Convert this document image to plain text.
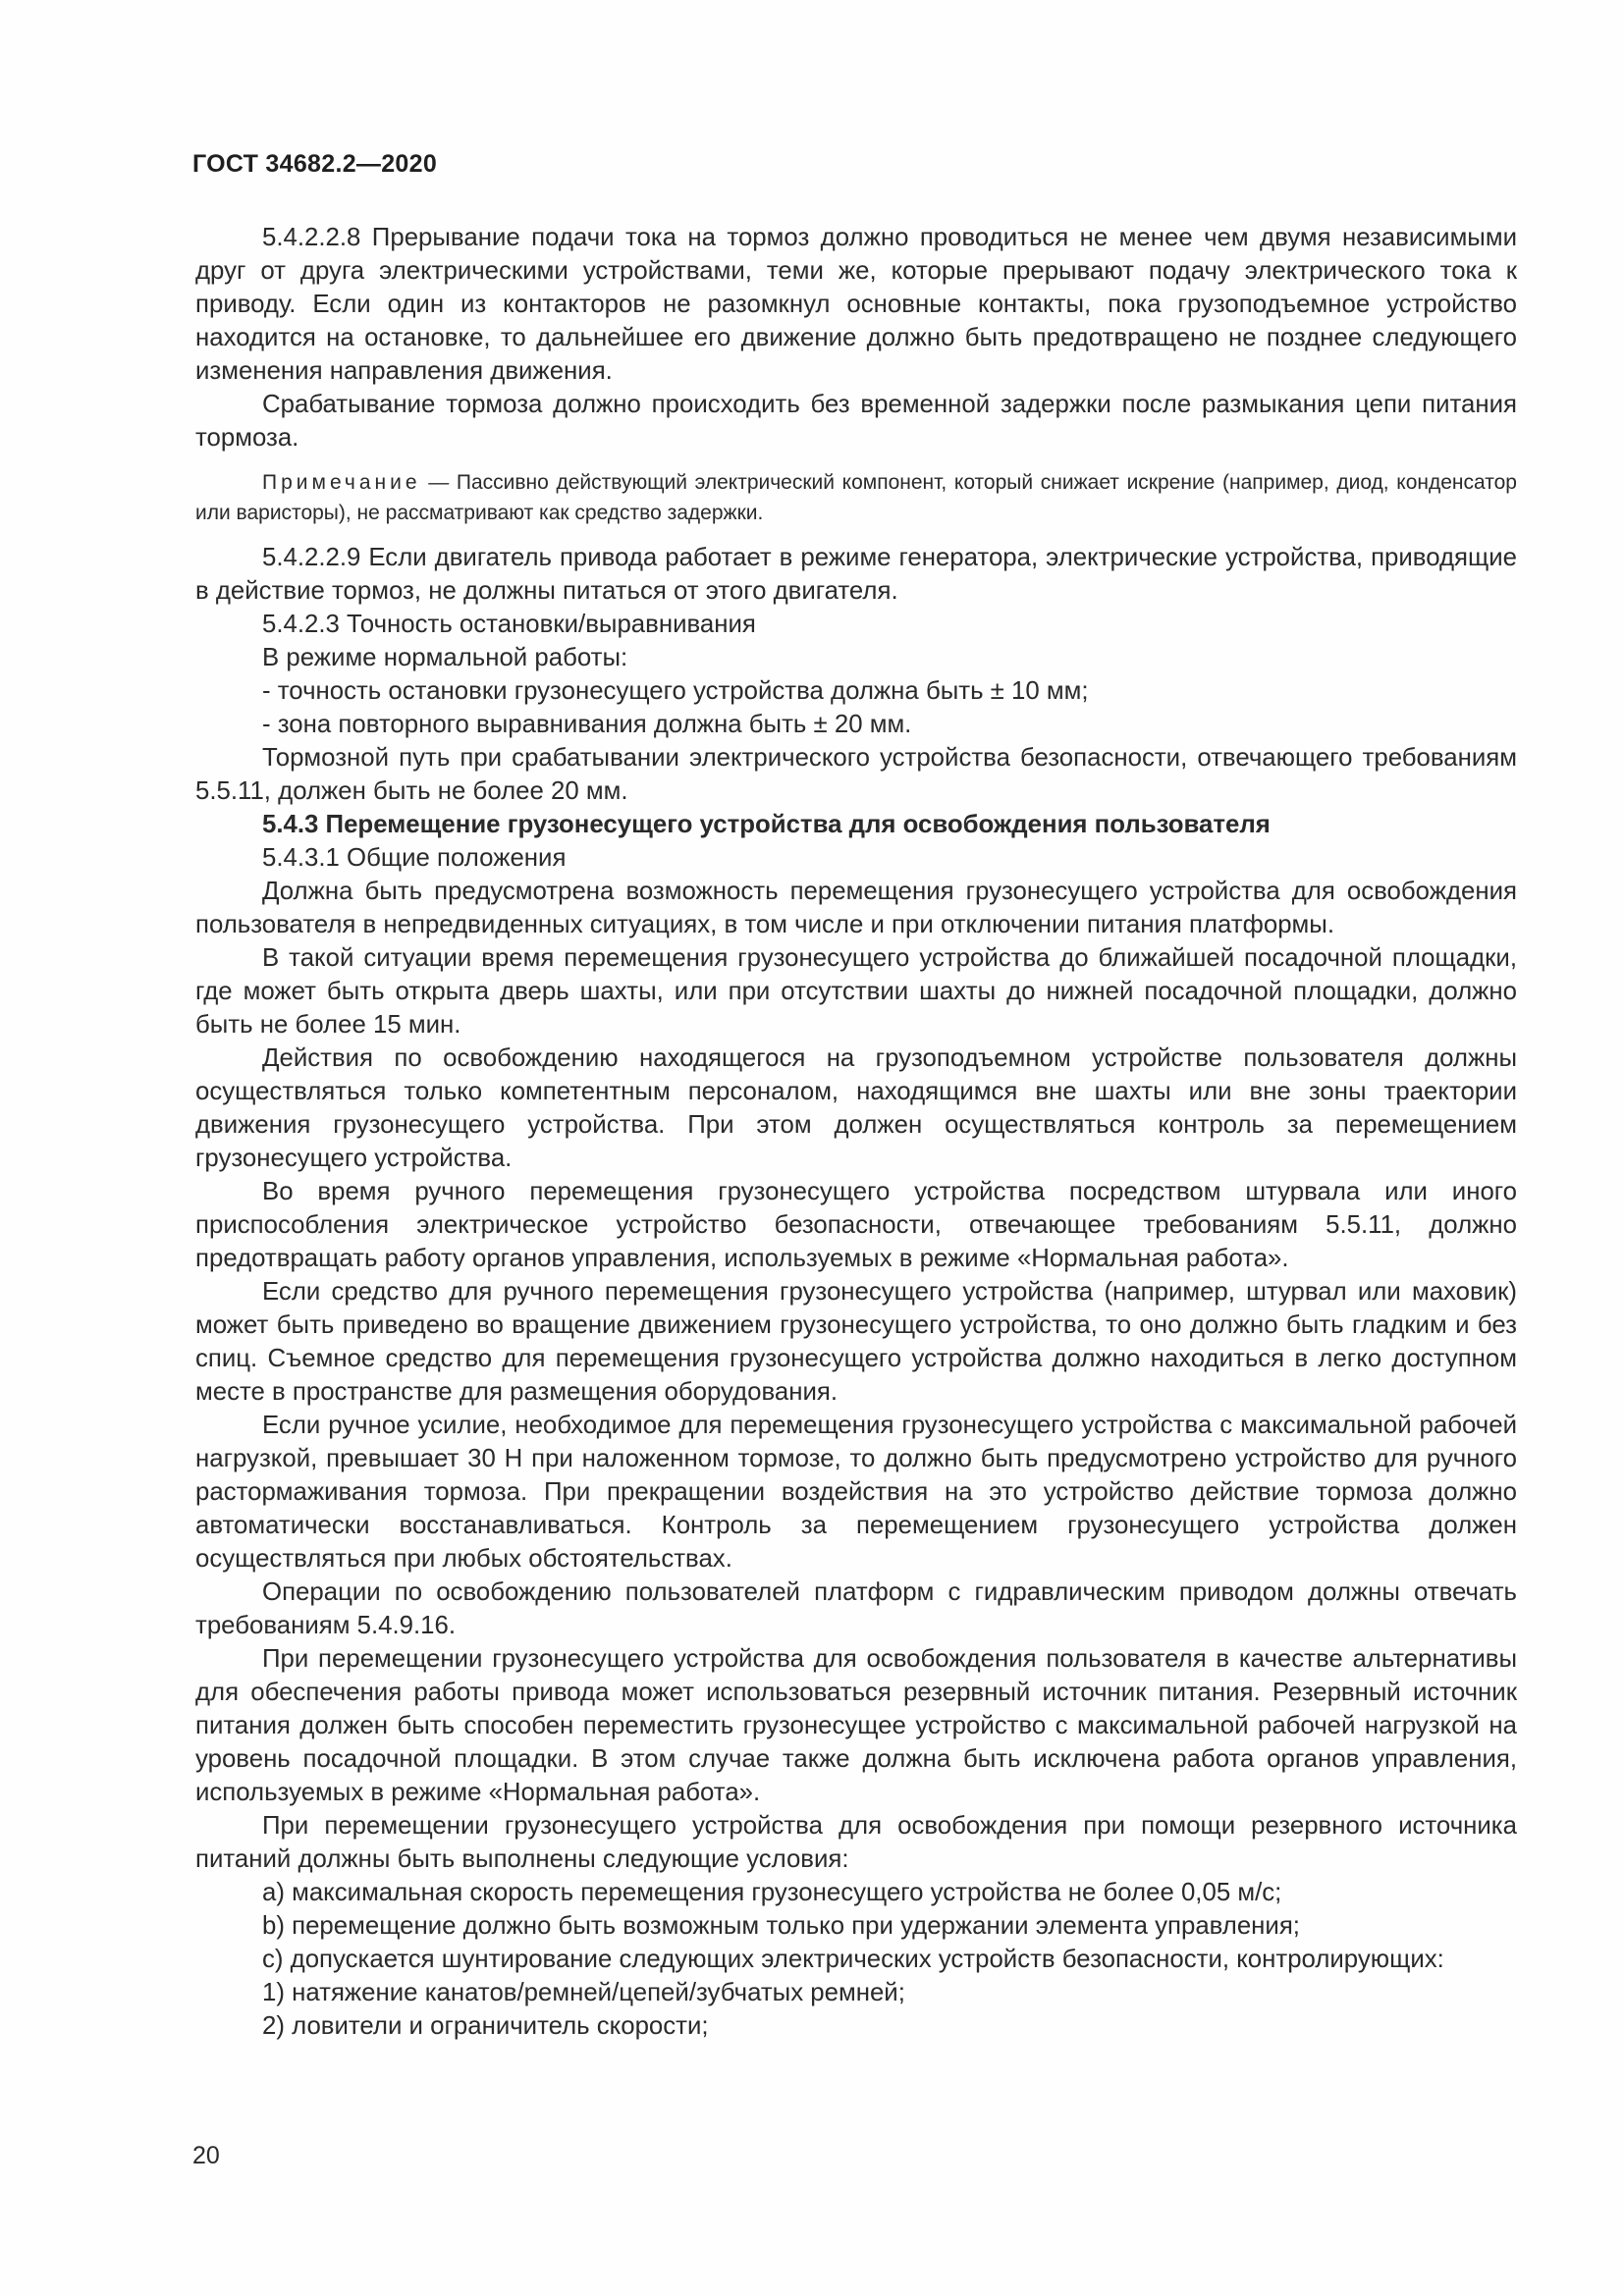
ГОСТ 34682.2—2020

5.4.2.2.8 Прерывание подачи тока на тормоз должно проводиться не менее чем двумя независимыми друг от друга электрическими устройствами, теми же, которые прерывают подачу электрического тока к приводу. Если один из контакторов не разомкнул основные контакты, пока грузоподъемное устройство находится на остановке, то дальнейшее его движение должно быть предотвращено не позднее следующего изменения направления движения.

Срабатывание тормоза должно происходить без временной задержки после размыкания цепи питания тормоза.

Примечание — Пассивно действующий электрический компонент, который снижает искрение (например, диод, конденсатор или варисторы), не рассматривают как средство задержки.

5.4.2.2.9 Если двигатель привода работает в режиме генератора, электрические устройства, приводящие в действие тормоз, не должны питаться от этого двигателя.

5.4.2.3 Точность остановки/выравнивания

В режиме нормальной работы:

- точность остановки грузонесущего устройства должна быть ± 10 мм;

- зона повторного выравнивания должна быть ± 20 мм.

Тормозной путь при срабатывании электрического устройства безопасности, отвечающего требованиям 5.5.11, должен быть не более 20 мм.

5.4.3 Перемещение грузонесущего устройства для освобождения пользователя

5.4.3.1 Общие положения

Должна быть предусмотрена возможность перемещения грузонесущего устройства для освобождения пользователя в непредвиденных ситуациях, в том числе и при отключении питания платформы.

В такой ситуации время перемещения грузонесущего устройства до ближайшей посадочной площадки, где может быть открыта дверь шахты, или при отсутствии шахты до нижней посадочной площадки, должно быть не более 15 мин.

Действия по освобождению находящегося на грузоподъемном устройстве пользователя должны осуществляться только компетентным персоналом, находящимся вне шахты или вне зоны траектории движения грузонесущего устройства. При этом должен осуществляться контроль за перемещением грузонесущего устройства.

Во время ручного перемещения грузонесущего устройства посредством штурвала или иного приспособления электрическое устройство безопасности, отвечающее требованиям 5.5.11, должно предотвращать работу органов управления, используемых в режиме «Нормальная работа».

Если средство для ручного перемещения грузонесущего устройства (например, штурвал или маховик) может быть приведено во вращение движением грузонесущего устройства, то оно должно быть гладким и без спиц. Съемное средство для перемещения грузонесущего устройства должно находиться в легко доступном месте в пространстве для размещения оборудования.

Если ручное усилие, необходимое для перемещения грузонесущего устройства с максимальной рабочей нагрузкой, превышает 30 Н при наложенном тормозе, то должно быть предусмотрено устройство для ручного растормаживания тормоза. При прекращении воздействия на это устройство действие тормоза должно автоматически восстанавливаться. Контроль за перемещением грузонесущего устройства должен осуществляться при любых обстоятельствах.

Операции по освобождению пользователей платформ с гидравлическим приводом должны отвечать требованиям 5.4.9.16.

При перемещении грузонесущего устройства для освобождения пользователя в качестве альтернативы для обеспечения работы привода может использоваться резервный источник питания. Резервный источник питания должен быть способен переместить грузонесущее устройство с максимальной рабочей нагрузкой на уровень посадочной площадки. В этом случае также должна быть исключена работа органов управления, используемых в режиме «Нормальная работа».

При перемещении грузонесущего устройства для освобождения при помощи резервного источника питаний должны быть выполнены следующие условия:

a) максимальная скорость перемещения грузонесущего устройства не более 0,05 м/с;

b) перемещение должно быть возможным только при удержании элемента управления;

c) допускается шунтирование следующих электрических устройств безопасности, контролирующих:

1) натяжение канатов/ремней/цепей/зубчатых ремней;

2) ловители и ограничитель скорости;

20
